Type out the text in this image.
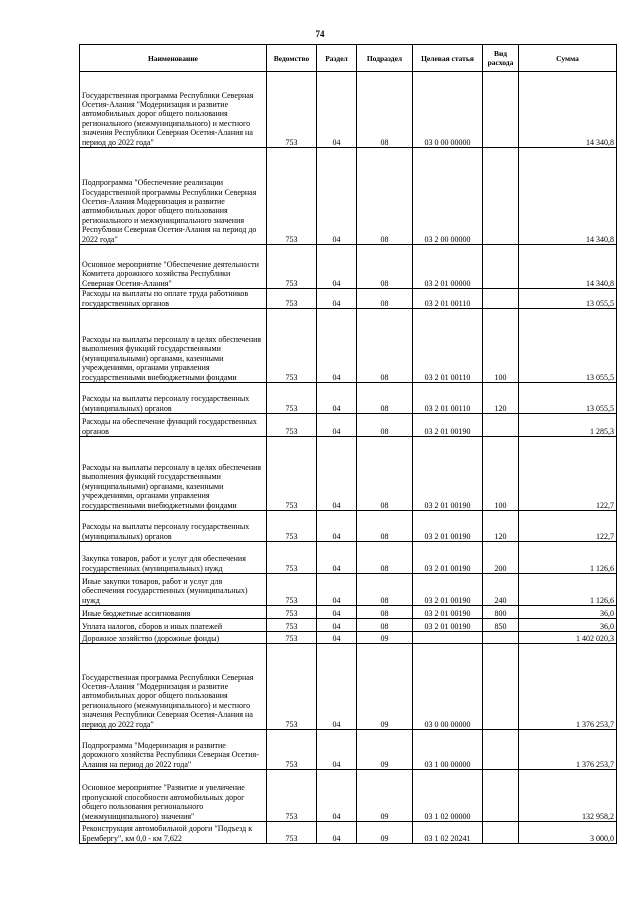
74
Наименование	Ведомство	Раздел	Подраздел	Целевая статья	Вид расхода	Сумма
Государственная программа Республики Северная Осетия-Алания "Модернизация и развитие автомобильных дорог общего пользования регионального (межмуниципального) и местного значения Республики Северная Осетия-Алания на период до 2022 года"	753	04	08	03 0 00 00000		14 340,8
Подпрограмма "Обеспечение реализации Государственной программы Республики Северная Осетия-Алания Модернизация и развитие автомобильных дорог общего пользования регионального и межмуниципального значения Республики Северная Осетия-Алания на период до 2022 года"	753	04	08	03 2 00 00000		14 340,8
Основное мероприятие "Обеспечение деятельности Комитета дорожного хозяйства Республики Северная Осетия-Алания"	753	04	08	03 2 01 00000		14 340,8
Расходы на выплаты по оплате труда работников государственных органов	753	04	08	03 2 01 00110		13 055,5
Расходы на выплаты персоналу в целях обеспечения выполнения функций государственными (муниципальными) органами, казенными учреждениями, органами управления государственными внебюджетными фондами	753	04	08	03 2 01 00110	100	13 055,5
Расходы на выплаты персоналу государственных (муниципальных) органов	753	04	08	03 2 01 00110	120	13 055,5
Расходы на обеспечение функций государственных органов	753	04	08	03 2 01 00190		1 285,3
Расходы на выплаты персоналу в целях обеспечения выполнения функций государственными (муниципальными) органами, казенными учреждениями, органами управления государственными внебюджетными фондами	753	04	08	03 2 01 00190	100	122,7
Расходы на выплаты персоналу государственных (муниципальных) органов	753	04	08	03 2 01 00190	120	122,7
Закупка товаров, работ и услуг для обеспечения государственных (муниципальных) нужд	753	04	08	03 2 01 00190	200	1 126,6
Иные закупки товаров, работ и услуг для обеспечения государственных (муниципальных) нужд	753	04	08	03 2 01 00190	240	1 126,6
Иные бюджетные ассигнования	753	04	08	03 2 01 00190	800	36,0
Уплата налогов, сборов и иных платежей	753	04	08	03 2 01 00190	850	36,0
Дорожное хозяйство (дорожные фонды)	753	04	09			1 402 020,3
Государственная программа Республики Северная Осетия-Алания "Модернизация и развитие автомобильных дорог общего пользования регионального (межмуниципального) и местного значения Республики Северная Осетия-Алания на период до 2022 года"	753	04	09	03 0 00 00000		1 376 253,7
Подпрограмма "Модернизация и развитие дорожного хозяйства Республики Северная Осетия-Алания на период до 2022 года"	753	04	09	03 1 00 00000		1 376 253,7
Основное мероприятие "Развитие и увеличение пропускной способности автомобильных дорог общего пользования регионального (межмуниципального) значения"	753	04	09	03 1 02 00000		132 958,2
Реконструкция автомобильной дороги "Подъезд к Брембергу", км 0,0 - км 7,622	753	04	09	03 1 02 20241		3 000,0
